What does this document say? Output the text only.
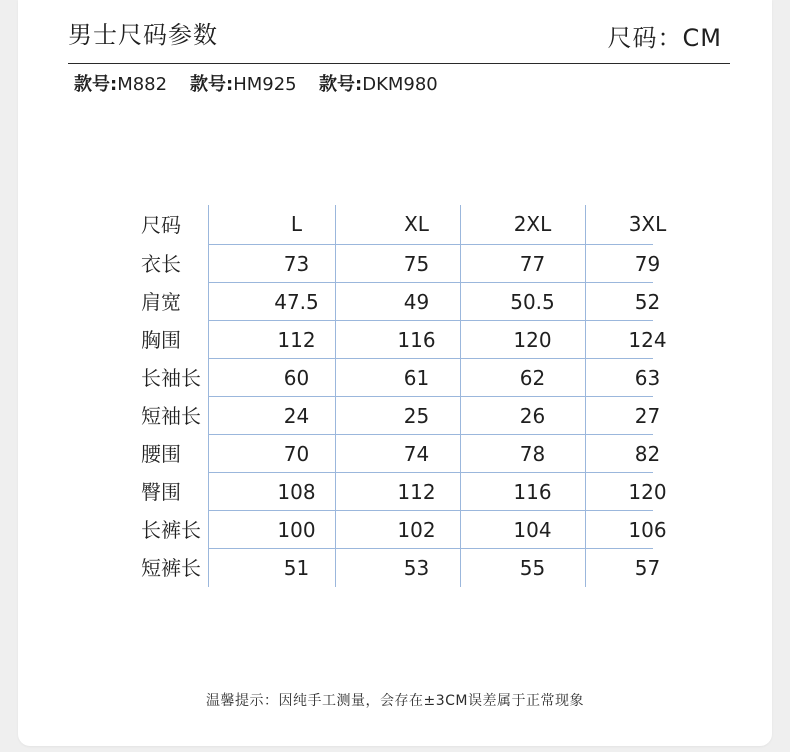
男士尺码参数	尺码：CM
款号:M882	款号:HM925	款号:DKM980
尺码	L	XL	2XL	3XL
衣长	73	75	77	79
肩宽	47.5	49	50.5	52
胸围	112	116	120	124
长袖长	60	61	62	63
短袖长	24	25	26	27
腰围	70	74	78	82
臀围	108	112	116	120
长裤长	100	102	104	106
短裤长	51	53	55	57
温馨提示：因纯手工测量，会存在±3CM误差属于正常现象
